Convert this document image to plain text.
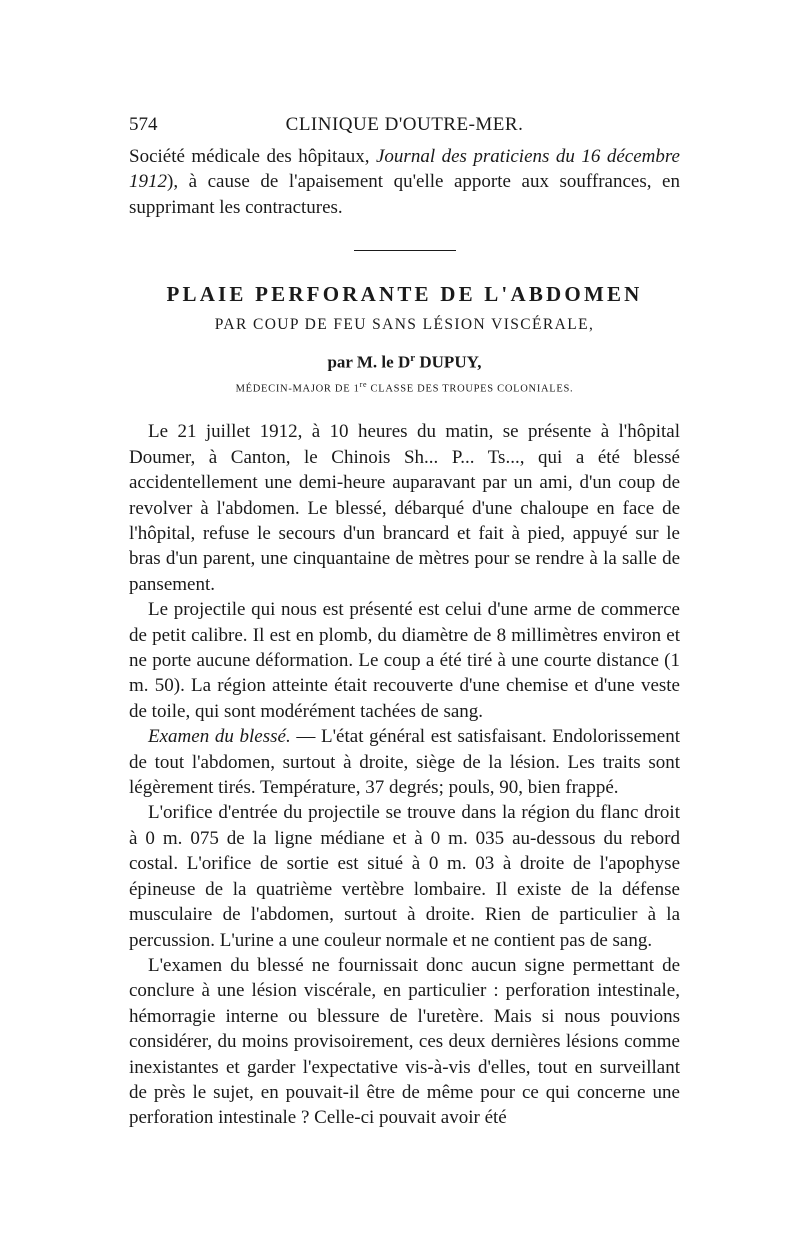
574	CLINIQUE D'OUTRE-MER.

Société médicale des hôpitaux, Journal des praticiens du 16 décembre 1912), à cause de l'apaisement qu'elle apporte aux souffrances, en supprimant les contractures.

PLAIE PERFORANTE DE L'ABDOMEN
PAR COUP DE FEU SANS LÉSION VISCÉRALE,
par M. le $D^r$ DUPUY,
MÉDECIN-MAJOR DE 1re CLASSE DES TROUPES COLONIALES.

Le 21 juillet 1912, à 10 heures du matin, se présente à l'hôpital Doumer, à Canton, le Chinois Sh... P... Ts..., qui a été blessé accidentellement une demi-heure auparavant par un ami, d'un coup de revolver à l'abdomen. Le blessé, débarqué d'une chaloupe en face de l'hôpital, refuse le secours d'un brancard et fait à pied, appuyé sur le bras d'un parent, une cinquantaine de mètres pour se rendre à la salle de pansement.

Le projectile qui nous est présenté est celui d'une arme de commerce de petit calibre. Il est en plomb, du diamètre de 8 millimètres environ et ne porte aucune déformation. Le coup a été tiré à une courte distance (1 m. 50). La région atteinte était recouverte d'une chemise et d'une veste de toile, qui sont modérément tachées de sang.

Examen du blessé. — L'état général est satisfaisant. Endolorissement de tout l'abdomen, surtout à droite, siège de la lésion. Les traits sont légèrement tirés. Température, 37 degrés; pouls, 90, bien frappé.

L'orifice d'entrée du projectile se trouve dans la région du flanc droit à 0 m. 075 de la ligne médiane et à 0 m. 035 au-dessous du rebord costal. L'orifice de sortie est situé à 0 m. 03 à droite de l'apophyse épineuse de la quatrième vertèbre lombaire. Il existe de la défense musculaire de l'abdomen, surtout à droite. Rien de particulier à la percussion. L'urine a une couleur normale et ne contient pas de sang.

L'examen du blessé ne fournissait donc aucun signe permettant de conclure à une lésion viscérale, en particulier : perforation intestinale, hémorragie interne ou blessure de l'uretère. Mais si nous pouvions considérer, du moins provisoirement, ces deux dernières lésions comme inexistantes et garder l'expectative vis-à-vis d'elles, tout en surveillant de près le sujet, en pouvait-il être de même pour ce qui concerne une perforation intestinale ? Celle-ci pouvait avoir été
